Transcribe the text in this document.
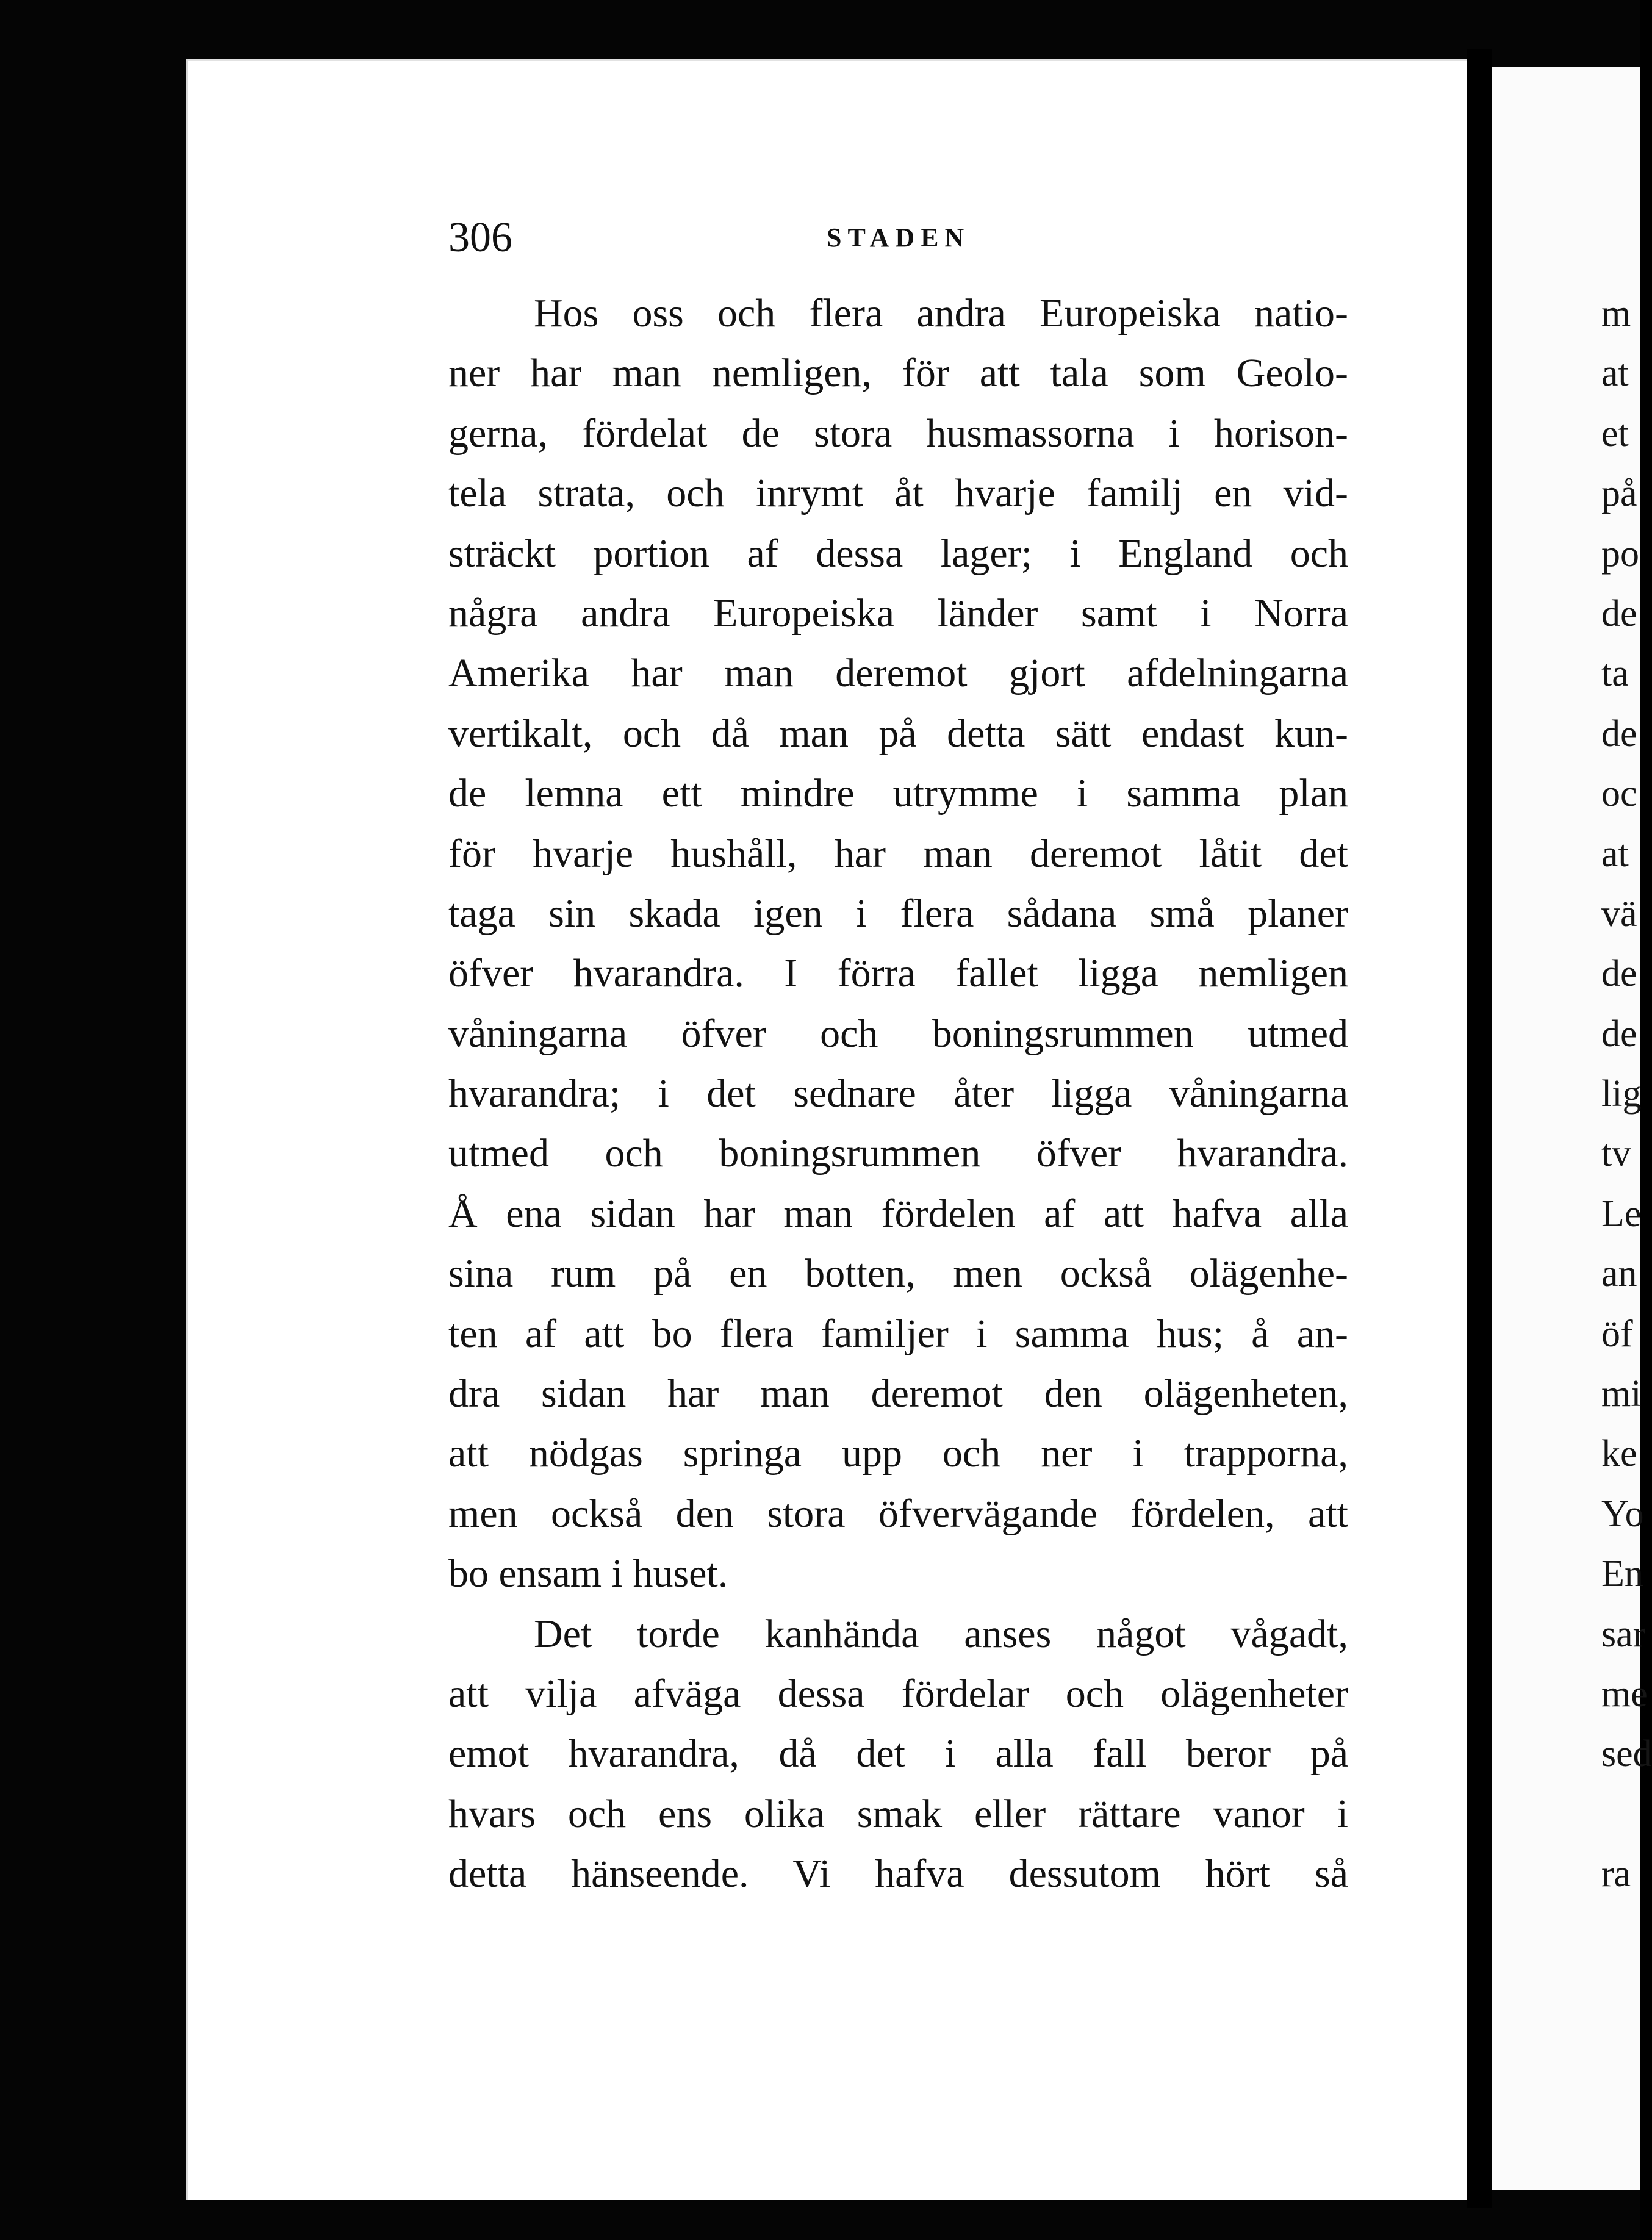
306	STADEN
Hos oss och flera andra Europeiska natio-
ner har man nemligen, för att tala som Geolo-
gerna, fördelat de stora husmassorna i horison-
tela strata, och inrymt åt hvarje familj en vid-
sträckt portion af dessa lager; i England och
några andra Europeiska länder samt i Norra
Amerika har man deremot gjort afdelningarna
vertikalt, och då man på detta sätt endast kun-
de lemna ett mindre utrymme i samma plan
för hvarje hushåll, har man deremot låtit det
taga sin skada igen i flera sådana små planer
öfver hvarandra. I förra fallet ligga nemligen
våningarna öfver och boningsrummen utmed
hvarandra; i det sednare åter ligga våningarna
utmed och boningsrummen öfver hvarandra.
Å ena sidan har man fördelen af att hafva alla
sina rum på en botten, men också olägenhe-
ten af att bo flera familjer i samma hus; å an-
dra sidan har man deremot den olägenheten,
att nödgas springa upp och ner i trapporna,
men också den stora öfvervägande fördelen, att
bo ensam i huset.
Det torde kanhända anses något vågadt,
att vilja afväga dessa fördelar och olägenheter
emot hvarandra, då det i alla fall beror på
hvars och ens olika smak eller rättare vanor i
detta hänseende. Vi hafva dessutom hört så
m
at
et
på
po
de
ta
de
oc
at
vä
de
de
lig
tv
Le
an
öf
mi
ke
Yo
En
sar
me
sed
ra
